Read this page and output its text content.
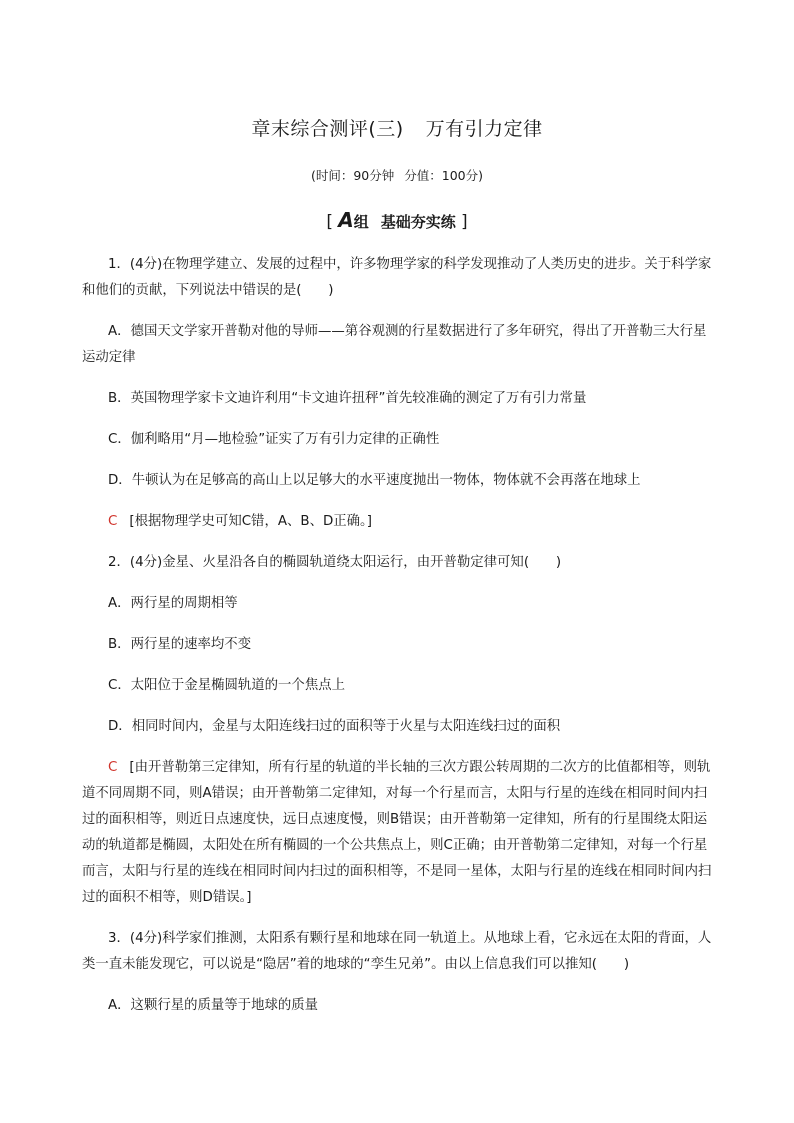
章末综合测评(三) 万有引力定律
(时间：90分钟 分值：100分)
[ A组 基础夯实练 ]

1．(4分)在物理学建立、发展的过程中，许多物理学家的科学发现推动了人类历史的进步。关于科学家和他们的贡献，下列说法中错误的是(　　)

A．德国天文学家开普勒对他的导师——第谷观测的行星数据进行了多年研究，得出了开普勒三大行星运动定律

B．英国物理学家卡文迪许利用“卡文迪许扭秤”首先较准确的测定了万有引力常量

C．伽利略用“月—地检验”证实了万有引力定律的正确性

D．牛顿认为在足够高的高山上以足够大的水平速度抛出一物体，物体就不会再落在地球上

C [根据物理学史可知C错，A、B、D正确。]

2．(4分)金星、火星沿各自的椭圆轨道绕太阳运行，由开普勒定律可知(　　)

A．两行星的周期相等

B．两行星的速率均不变

C．太阳位于金星椭圆轨道的一个焦点上

D．相同时间内，金星与太阳连线扫过的面积等于火星与太阳连线扫过的面积

C [由开普勒第三定律知，所有行星的轨道的半长轴的三次方跟公转周期的二次方的比值都相等，则轨道不同周期不同，则A错误；由开普勒第二定律知，对每一个行星而言，太阳与行星的连线在相同时间内扫过的面积相等，则近日点速度快，远日点速度慢，则B错误；由开普勒第一定律知，所有的行星围绕太阳运动的轨道都是椭圆，太阳处在所有椭圆的一个公共焦点上，则C正确；由开普勒第二定律知，对每一个行星而言，太阳与行星的连线在相同时间内扫过的面积相等，不是同一星体，太阳与行星的连线在相同时间内扫过的面积不相等，则D错误。]

3．(4分)科学家们推测，太阳系有颗行星和地球在同一轨道上。从地球上看，它永远在太阳的背面，人类一直未能发现它，可以说是“隐居”着的地球的“孪生兄弟”。由以上信息我们可以推知(　　)

A．这颗行星的质量等于地球的质量
